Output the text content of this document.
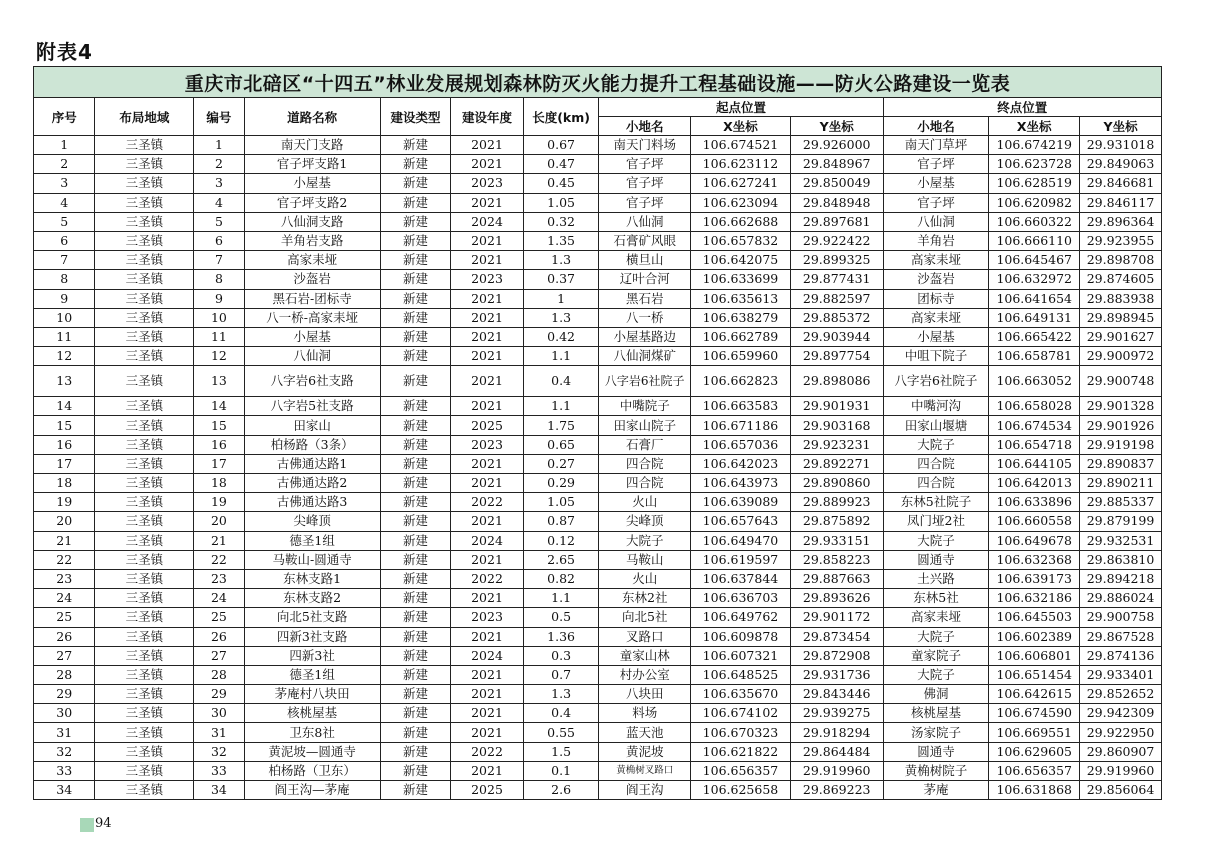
附表4
重庆市北碚区“十四五”林业发展规划森林防灭火能力提升工程基础设施——防火公路建设一览表												
序号	布局地域	编号	道路名称	建设类型	建设年度	长度(km)	起点位置			终点位置		
							小地名	X坐标	Y坐标	小地名	X坐标	Y坐标
1	三圣镇	1	南天门支路	新建	2021	0.67	南天门料场	106.674521	29.926000	南天门草坪	106.674219	29.931018
2	三圣镇	2	官子坪支路1	新建	2021	0.47	官子坪	106.623112	29.848967	官子坪	106.623728	29.849063
3	三圣镇	3	小屋基	新建	2023	0.45	官子坪	106.627241	29.850049	小屋基	106.628519	29.846681
4	三圣镇	4	官子坪支路2	新建	2021	1.05	官子坪	106.623094	29.848948	官子坪	106.620982	29.846117
5	三圣镇	5	八仙洞支路	新建	2024	0.32	八仙洞	106.662688	29.897681	八仙洞	106.660322	29.896364
6	三圣镇	6	羊角岩支路	新建	2021	1.35	石膏矿风眼	106.657832	29.922422	羊角岩	106.666110	29.923955
7	三圣镇	7	高家耒垭	新建	2021	1.3	横旦山	106.642075	29.899325	高家耒垭	106.645467	29.898708
8	三圣镇	8	沙盔岩	新建	2023	0.37	辽叶合河	106.633699	29.877431	沙盔岩	106.632972	29.874605
9	三圣镇	9	黑石岩-团标寺	新建	2021	1	黑石岩	106.635613	29.882597	团标寺	106.641654	29.883938
10	三圣镇	10	八一桥-高家耒垭	新建	2021	1.3	八一桥	106.638279	29.885372	高家耒垭	106.649131	29.898945
11	三圣镇	11	小屋基	新建	2021	0.42	小屋基路边	106.662789	29.903944	小屋基	106.665422	29.901627
12	三圣镇	12	八仙洞	新建	2021	1.1	八仙洞煤矿	106.659960	29.897754	中咀下院子	106.658781	29.900972
13	三圣镇	13	八字岩6社支路	新建	2021	0.4	八字岩6社院子	106.662823	29.898086	八字岩6社院子	106.663052	29.900748
14	三圣镇	14	八字岩5社支路	新建	2021	1.1	中嘴院子	106.663583	29.901931	中嘴河沟	106.658028	29.901328
15	三圣镇	15	田家山	新建	2025	1.75	田家山院子	106.671186	29.903168	田家山堰塘	106.674534	29.901926
16	三圣镇	16	柏杨路（3条）	新建	2023	0.65	石膏厂	106.657036	29.923231	大院子	106.654718	29.919198
17	三圣镇	17	古佛通达路1	新建	2021	0.27	四合院	106.642023	29.892271	四合院	106.644105	29.890837
18	三圣镇	18	古佛通达路2	新建	2021	0.29	四合院	106.643973	29.890860	四合院	106.642013	29.890211
19	三圣镇	19	古佛通达路3	新建	2022	1.05	火山	106.639089	29.889923	东林5社院子	106.633896	29.885337
20	三圣镇	20	尖峰顶	新建	2021	0.87	尖峰顶	106.657643	29.875892	凤门垭2社	106.660558	29.879199
21	三圣镇	21	德圣1组	新建	2024	0.12	大院子	106.649470	29.933151	大院子	106.649678	29.932531
22	三圣镇	22	马鞍山-圆通寺	新建	2021	2.65	马鞍山	106.619597	29.858223	圆通寺	106.632368	29.863810
23	三圣镇	23	东林支路1	新建	2022	0.82	火山	106.637844	29.887663	土兴路	106.639173	29.894218
24	三圣镇	24	东林支路2	新建	2021	1.1	东林2社	106.636703	29.893626	东林5社	106.632186	29.886024
25	三圣镇	25	向北5社支路	新建	2023	0.5	向北5社	106.649762	29.901172	高家耒垭	106.645503	29.900758
26	三圣镇	26	四新3社支路	新建	2021	1.36	叉路口	106.609878	29.873454	大院子	106.602389	29.867528
27	三圣镇	27	四新3社	新建	2024	0.3	童家山林	106.607321	29.872908	童家院子	106.606801	29.874136
28	三圣镇	28	德圣1组	新建	2021	0.7	村办公室	106.648525	29.931736	大院子	106.651454	29.933401
29	三圣镇	29	茅庵村八块田	新建	2021	1.3	八块田	106.635670	29.843446	佛洞	106.642615	29.852652
30	三圣镇	30	核桃屋基	新建	2021	0.4	料场	106.674102	29.939275	核桃屋基	106.674590	29.942309
31	三圣镇	31	卫东8社	新建	2021	0.55	蓝天池	106.670323	29.918294	汤家院子	106.669551	29.922950
32	三圣镇	32	黄泥坡—圆通寺	新建	2022	1.5	黄泥坡	106.621822	29.864484	圆通寺	106.629605	29.860907
33	三圣镇	33	柏杨路（卫东）	新建	2021	0.1	黄桷树叉路口	106.656357	29.919960	黄桷树院子	106.656357	29.919960
34	三圣镇	34	阎王沟—茅庵	新建	2025	2.6	阎王沟	106.625658	29.869223	茅庵	106.631868	29.856064
94
